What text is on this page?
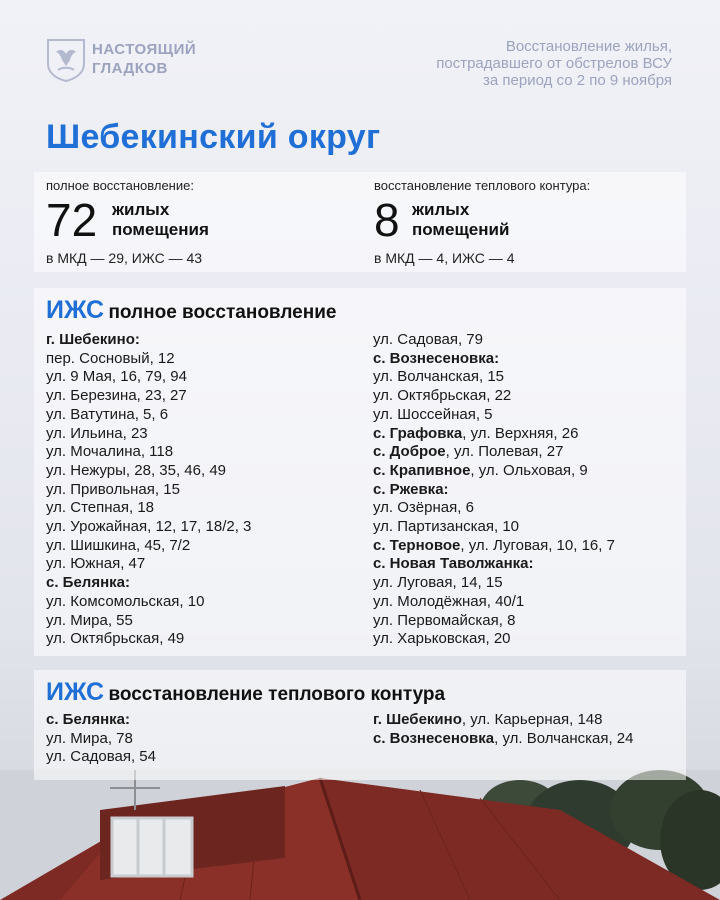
НАСТОЯЩИЙ
ГЛАДКОВ
Восстановление жилья,
пострадавшего от обстрелов ВСУ
за период со 2 по 9 ноября
Шебекинский округ
полное восстановление:
72 жилых
помещения
в МКД — 29, ИЖС — 43
восстановление теплового контура:
8 жилых
помещений
в МКД — 4, ИЖС — 4
ИЖС полное восстановление
г. Шебекино:
пер. Сосновый, 12
ул. 9 Мая, 16, 79, 94
ул. Березина, 23, 27
ул. Ватутина, 5, 6
ул. Ильина, 23
ул. Мочалина, 118
ул. Нежуры, 28, 35, 46, 49
ул. Привольная, 15
ул. Степная, 18
ул. Урожайная, 12, 17, 18/2, 3
ул. Шишкина, 45, 7/2
ул. Южная, 47
с. Белянка:
ул. Комсомольская, 10
ул. Мира, 55
ул. Октябрьская, 49
ул. Садовая, 79
с. Вознесеновка:
ул. Волчанская, 15
ул. Октябрьская, 22
ул. Шоссейная, 5
с. Графовка, ул. Верхняя, 26
с. Доброе, ул. Полевая, 27
с. Крапивное, ул. Ольховая, 9
с. Ржевка:
ул. Озёрная, 6
ул. Партизанская, 10
с. Терновое, ул. Луговая, 10, 16, 7
с. Новая Таволжанка:
ул. Луговая, 14, 15
ул. Молодёжная, 40/1
ул. Первомайская, 8
ул. Харьковская, 20
ИЖС восстановление теплового контура
с. Белянка:
ул. Мира, 78
ул. Садовая, 54
г. Шебекино, ул. Карьерная, 148
с. Вознесеновка, ул. Волчанская, 24
